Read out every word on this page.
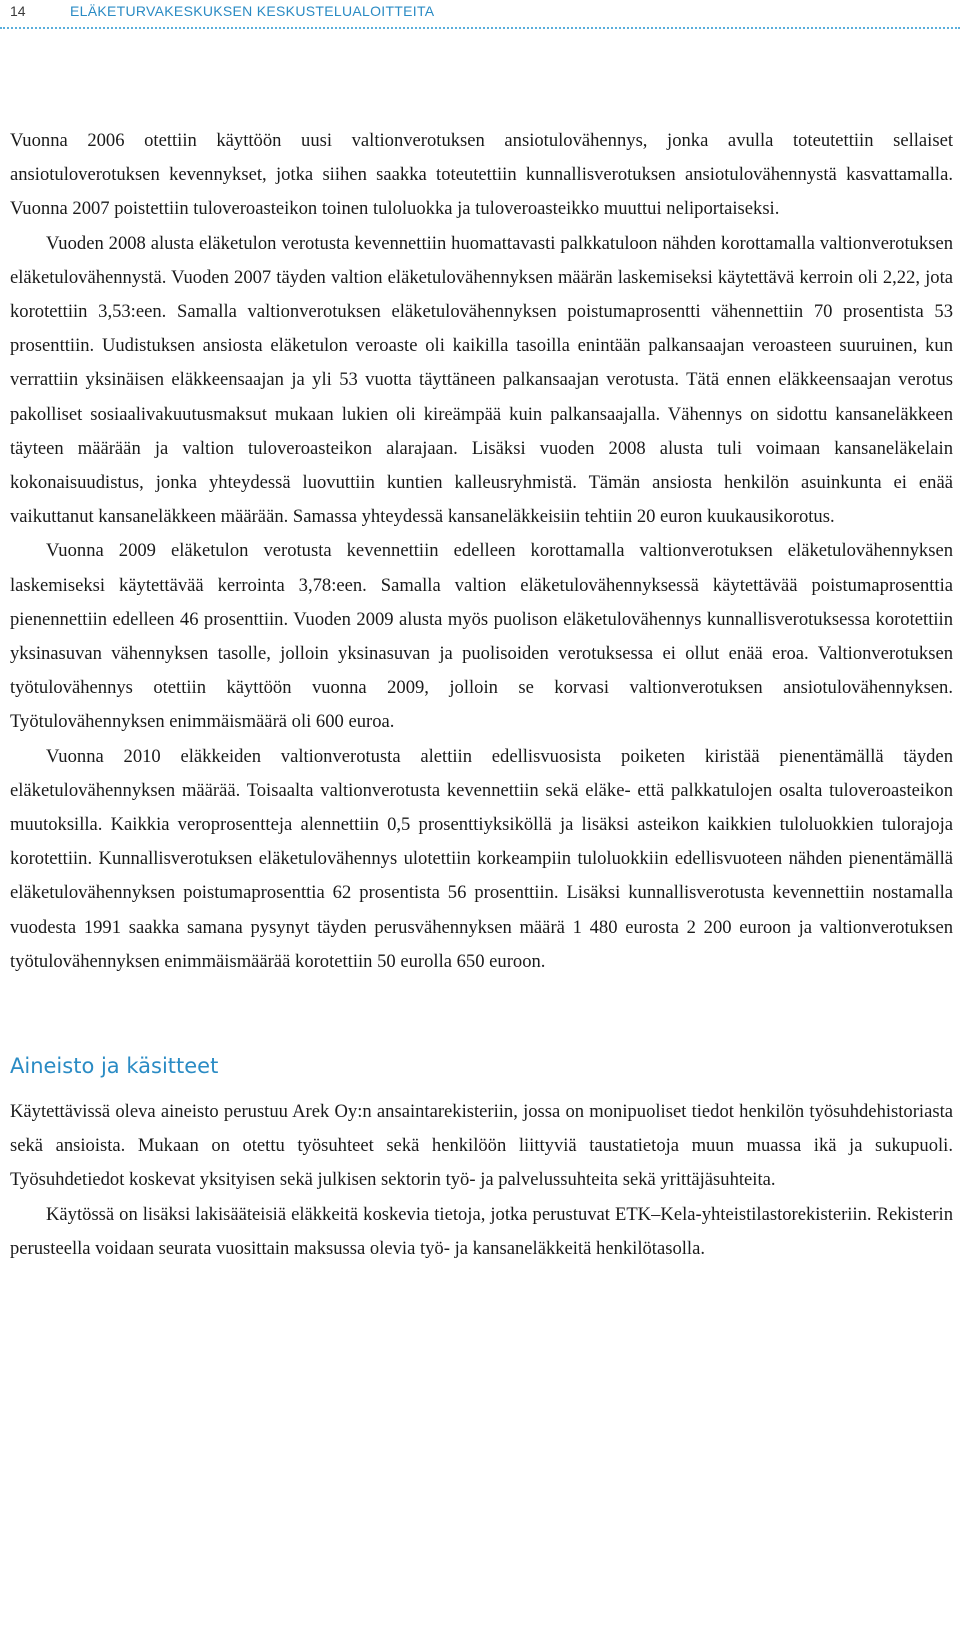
14	ELÄKETURVAKESKUKSEN KESKUSTELUALOITTEITA

Vuonna 2006 otettiin käyttöön uusi valtionverotuksen ansiotulovähennys, jonka avulla toteutettiin sellaiset ansiotuloverotuksen kevennykset, jotka siihen saakka toteutettiin kunnallisverotuksen ansiotulovähennystä kasvattamalla. Vuonna 2007 poistettiin tuloveroasteikon toinen tuloluokka ja tuloveroasteikko muuttui neliportaiseksi.

Vuoden 2008 alusta eläketulon verotusta kevennettiin huomattavasti palkkatuloon nähden korottamalla valtionverotuksen eläketulovähennystä. Vuoden 2007 täyden valtion eläketulovähennyksen määrän laskemiseksi käytettävä kerroin oli 2,22, jota korotettiin 3,53:een. Samalla valtionverotuksen eläketulovähennyksen poistumaprosentti vähennettiin 70 prosentista 53 prosenttiin. Uudistuksen ansiosta eläketulon veroaste oli kaikilla tasoilla enintään palkansaajan veroasteen suuruinen, kun verrattiin yksinäisen eläkkeensaajan ja yli 53 vuotta täyttäneen palkansaajan verotusta. Tätä ennen eläkkeensaajan verotus pakolliset sosiaalivakuutusmaksut mukaan lukien oli kireämpää kuin palkansaajalla. Vähennys on sidottu kansaneläkkeen täyteen määrään ja valtion tuloveroasteikon alarajaan. Lisäksi vuoden 2008 alusta tuli voimaan kansaneläkelain kokonaisuudistus, jonka yhteydessä luovuttiin kuntien kalleusryhmistä. Tämän ansiosta henkilön asuinkunta ei enää vaikuttanut kansaneläkkeen määrään. Samassa yhteydessä kansaneläkkeisiin tehtiin 20 euron kuukausikorotus.

Vuonna 2009 eläketulon verotusta kevennettiin edelleen korottamalla valtionverotuksen eläketulovähennyksen laskemiseksi käytettävää kerrointa 3,78:een. Samalla valtion eläketulovähennyksessä käytettävää poistumaprosenttia pienennettiin edelleen 46 prosenttiin. Vuoden 2009 alusta myös puolison eläketulovähennys kunnallisverotuksessa korotettiin yksinasuvan vähennyksen tasolle, jolloin yksinasuvan ja puolisoiden verotuksessa ei ollut enää eroa. Valtionverotuksen työtulovähennys otettiin käyttöön vuonna 2009, jolloin se korvasi valtionverotuksen ansiotulovähennyksen. Työtulovähennyksen enimmäismäärä oli 600 euroa.

Vuonna 2010 eläkkeiden valtionverotusta alettiin edellisvuosista poiketen kiristää pienentämällä täyden eläketulovähennyksen määrää. Toisaalta valtionverotusta kevennettiin sekä eläke- että palkkatulojen osalta tuloveroasteikon muutoksilla. Kaikkia veroprosentteja alennettiin 0,5 prosenttiyksiköllä ja lisäksi asteikon kaikkien tuloluokkien tulorajoja korotettiin. Kunnallisverotuksen eläketulovähennys ulotettiin korkeampiin tuloluokkiin edellisvuoteen nähden pienentämällä eläketulovähennyksen poistumaprosenttia 62 prosentista 56 prosenttiin. Lisäksi kunnallisverotusta kevennettiin nostamalla vuodesta 1991 saakka samana pysynyt täyden perusvähennyksen määrä 1 480 eurosta 2 200 euroon ja valtionverotuksen työtulovähennyksen enimmäismäärää korotettiin 50 eurolla 650 euroon.

Aineisto ja käsitteet

Käytettävissä oleva aineisto perustuu Arek Oy:n ansaintarekisteriin, jossa on monipuoliset tiedot henkilön työsuhdehistoriasta sekä ansioista. Mukaan on otettu työsuhteet sekä henkilöön liittyviä taustatietoja muun muassa ikä ja sukupuoli. Työsuhdetiedot koskevat yksityisen sekä julkisen sektorin työ- ja palvelussuhteita sekä yrittäjäsuhteita.

Käytössä on lisäksi lakisääteisiä eläkkeitä koskevia tietoja, jotka perustuvat ETK–Kela-yhteistilastorekisteriin. Rekisterin perusteella voidaan seurata vuosittain maksussa olevia työ- ja kansaneläkkeitä henkilötasolla.
